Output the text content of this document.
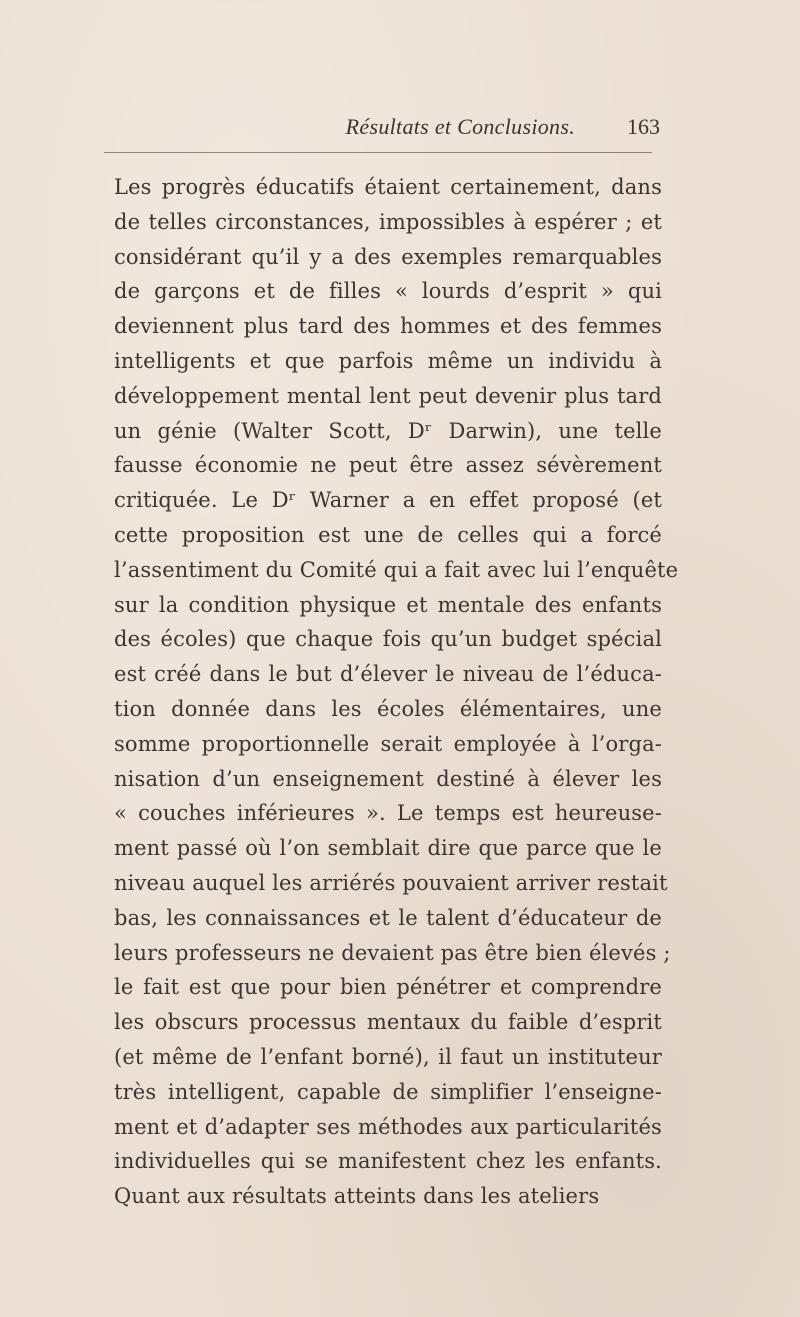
Résultats et Conclusions. 163
Les progrès éducatifs étaient certainement, dans
de telles circonstances, impossibles à espérer ; et
considérant qu’il y a des exemples remarquables
de garçons et de filles « lourds d’esprit » qui
deviennent plus tard des hommes et des femmes
intelligents et que parfois même un individu à
développement mental lent peut devenir plus tard
un génie (Walter Scott, Dʳ Darwin), une telle
fausse économie ne peut être assez sévèrement
critiquée. Le Dʳ Warner a en effet proposé (et
cette proposition est une de celles qui a forcé
l’assentiment du Comité qui a fait avec lui l’enquête
sur la condition physique et mentale des enfants
des écoles) que chaque fois qu’un budget spécial
est créé dans le but d’élever le niveau de l’éduca-
tion donnée dans les écoles élémentaires, une
somme proportionnelle serait employée à l’orga-
nisation d’un enseignement destiné à élever les
« couches inférieures ». Le temps est heureuse-
ment passé où l’on semblait dire que parce que le
niveau auquel les arriérés pouvaient arriver restait
bas, les connaissances et le talent d’éducateur de
leurs professeurs ne devaient pas être bien élevés ;
le fait est que pour bien pénétrer et comprendre
les obscurs processus mentaux du faible d’esprit
(et même de l’enfant borné), il faut un instituteur
très intelligent, capable de simplifier l’enseigne-
ment et d’adapter ses méthodes aux particularités
individuelles qui se manifestent chez les enfants.
Quant aux résultats atteints dans les ateliers
